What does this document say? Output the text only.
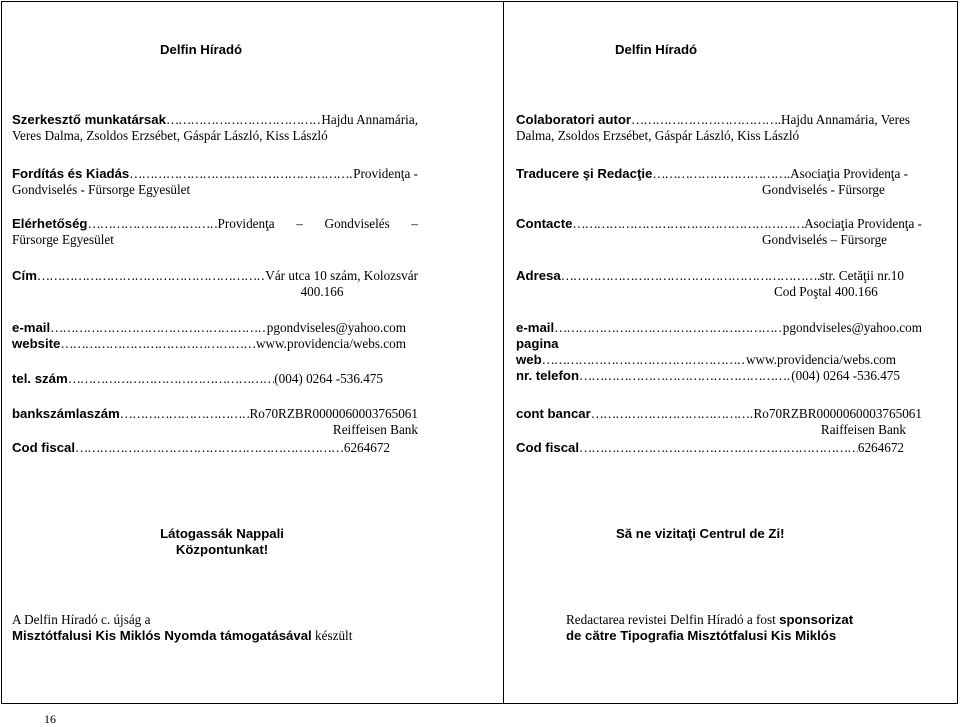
Delfin Híradó
Szerkesztő munkatársak ……………………………………………………………………………………………………………………	Hajdu Annamária,
Veres Dalma, Zsoldos Erzsébet, Gáspár László, Kiss László
Fordítás és Kiadás ……………………………………………………………………………………………………………………	Providenţa -
Gondviselés - Fürsorge Egyesület
Elérhetőség ……………………………………………………………………………………………………………………	Providenţa – Gondviselés –
Fürsorge Egyesület
Cím ……………………………………………………………………………………………………………………	Vár utca 10 szám, Kolozsvár
400.166
e-mail ……………………………………………………………………………………………………………………	pgondviseles@yahoo.com
website ……………………………………………………………………………………………………………………	www.providencia/webs.com
tel. szám ……………………………………………………………………………………………………………………	(004) 0264 -536.475
bankszámlaszám ……………………………………………………………………………………………………………………	Ro70RZBR0000060003765061
Reiffeisen Bank
Cod fiscal ……………………………………………………………………………………………………………………	6264672
Látogassák Nappali
Központunkat!
A Delfin Híradó c. újság a
Misztótfalusi Kis Miklós Nyomda támogatásával készült
Delfin Híradó
Colaboratori autor ……………………………………………………………………………………………………………………	Hajdu Annamária, Veres
Dalma, Zsoldos Erzsébet, Gáspár László, Kiss László
Traducere şi Redacţie ……………………………………………………………………………………………………………………	Asociaţia Providenţa -
Gondviselés - Fürsorge
Contacte ……………………………………………………………………………………………………………………	Asociaţia Providenţa -
Gondviselés – Fürsorge
Adresa ……………………………………………………………………………………………………………………	str. Cetăţii nr.10
Cod Poştal 400.166
e-mail ……………………………………………………………………………………………………………………	pgondviseles@yahoo.com
pagina
web ……………………………………………………………………………………………………………………	www.providencia/webs.com
nr. telefon ……………………………………………………………………………………………………………………	(004) 0264 -536.475
cont bancar ……………………………………………………………………………………………………………………	Ro70RZBR0000060003765061
Raiffeisen Bank
Cod fiscal ……………………………………………………………………………………………………………………	6264672
Să ne vizitaţi Centrul de Zi!
Redactarea revistei Delfin Híradó a fost sponsorizat
de către Tipografia Misztótfalusi Kis Miklós
16
